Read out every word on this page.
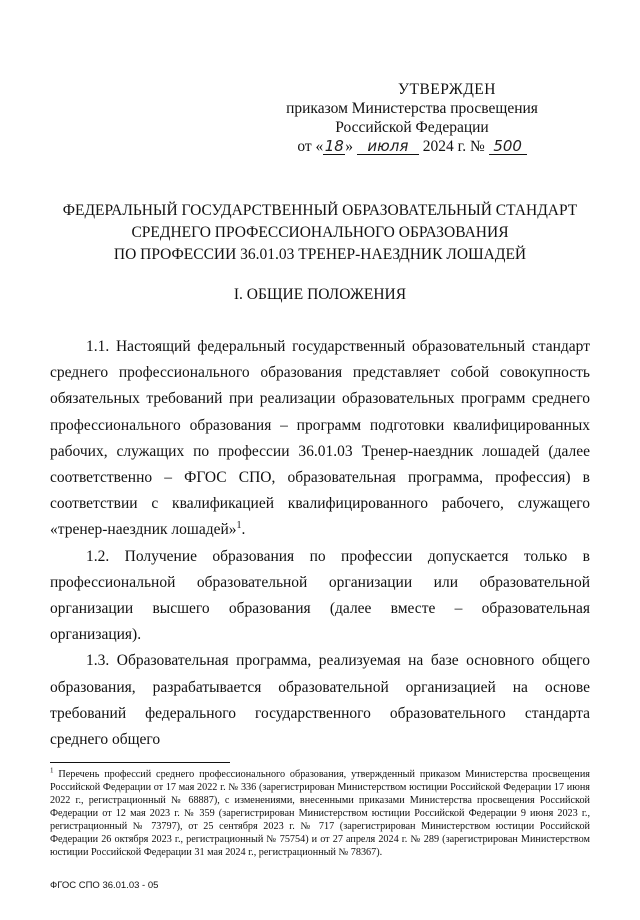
УТВЕРЖДЕН
приказом Министерства просвещения
Российской Федерации
от «18» июля 2024 г. № 500
ФЕДЕРАЛЬНЫЙ ГОСУДАРСТВЕННЫЙ ОБРАЗОВАТЕЛЬНЫЙ СТАНДАРТ
СРЕДНЕГО ПРОФЕССИОНАЛЬНОГО ОБРАЗОВАНИЯ
ПО ПРОФЕССИИ 36.01.03 ТРЕНЕР-НАЕЗДНИК ЛОШАДЕЙ
I. ОБЩИЕ ПОЛОЖЕНИЯ

1.1. Настоящий федеральный государственный образовательный стандарт среднего профессионального образования представляет собой совокупность обязательных требований при реализации образовательных программ среднего профессионального образования – программ подготовки квалифицированных рабочих, служащих по профессии 36.01.03 Тренер-наездник лошадей (далее соответственно – ФГОС СПО, образовательная программа, профессия) в соответствии с квалификацией квалифицированного рабочего, служащего «тренер-наездник лошадей»$^1$.

1.2. Получение образования по профессии допускается только в профессиональной образовательной организации или образовательной организации высшего образования (далее вместе – образовательная организация).

1.3. Образовательная программа, реализуемая на базе основного общего образования, разрабатывается образовательной организацией на основе требований федерального государственного образовательного стандарта среднего общего

$^1$ Перечень профессий среднего профессионального образования, утвержденный приказом Министерства просвещения Российской Федерации от 17 мая 2022 г. № 336 (зарегистрирован Министерством юстиции Российской Федерации 17 июня 2022 г., регистрационный № 68887), с изменениями, внесенными приказами Министерства просвещения Российской Федерации от 12 мая 2023 г. № 359 (зарегистрирован Министерством юстиции Российской Федерации 9 июня 2023 г., регистрационный № 73797), от 25 сентября 2023 г. № 717 (зарегистрирован Министерством юстиции Российской Федерации 26 октября 2023 г., регистрационный № 75754) и от 27 апреля 2024 г. № 289 (зарегистрирован Министерством юстиции Российской Федерации 31 мая 2024 г., регистрационный № 78367).
ФГОС СПО 36.01.03 - 05
